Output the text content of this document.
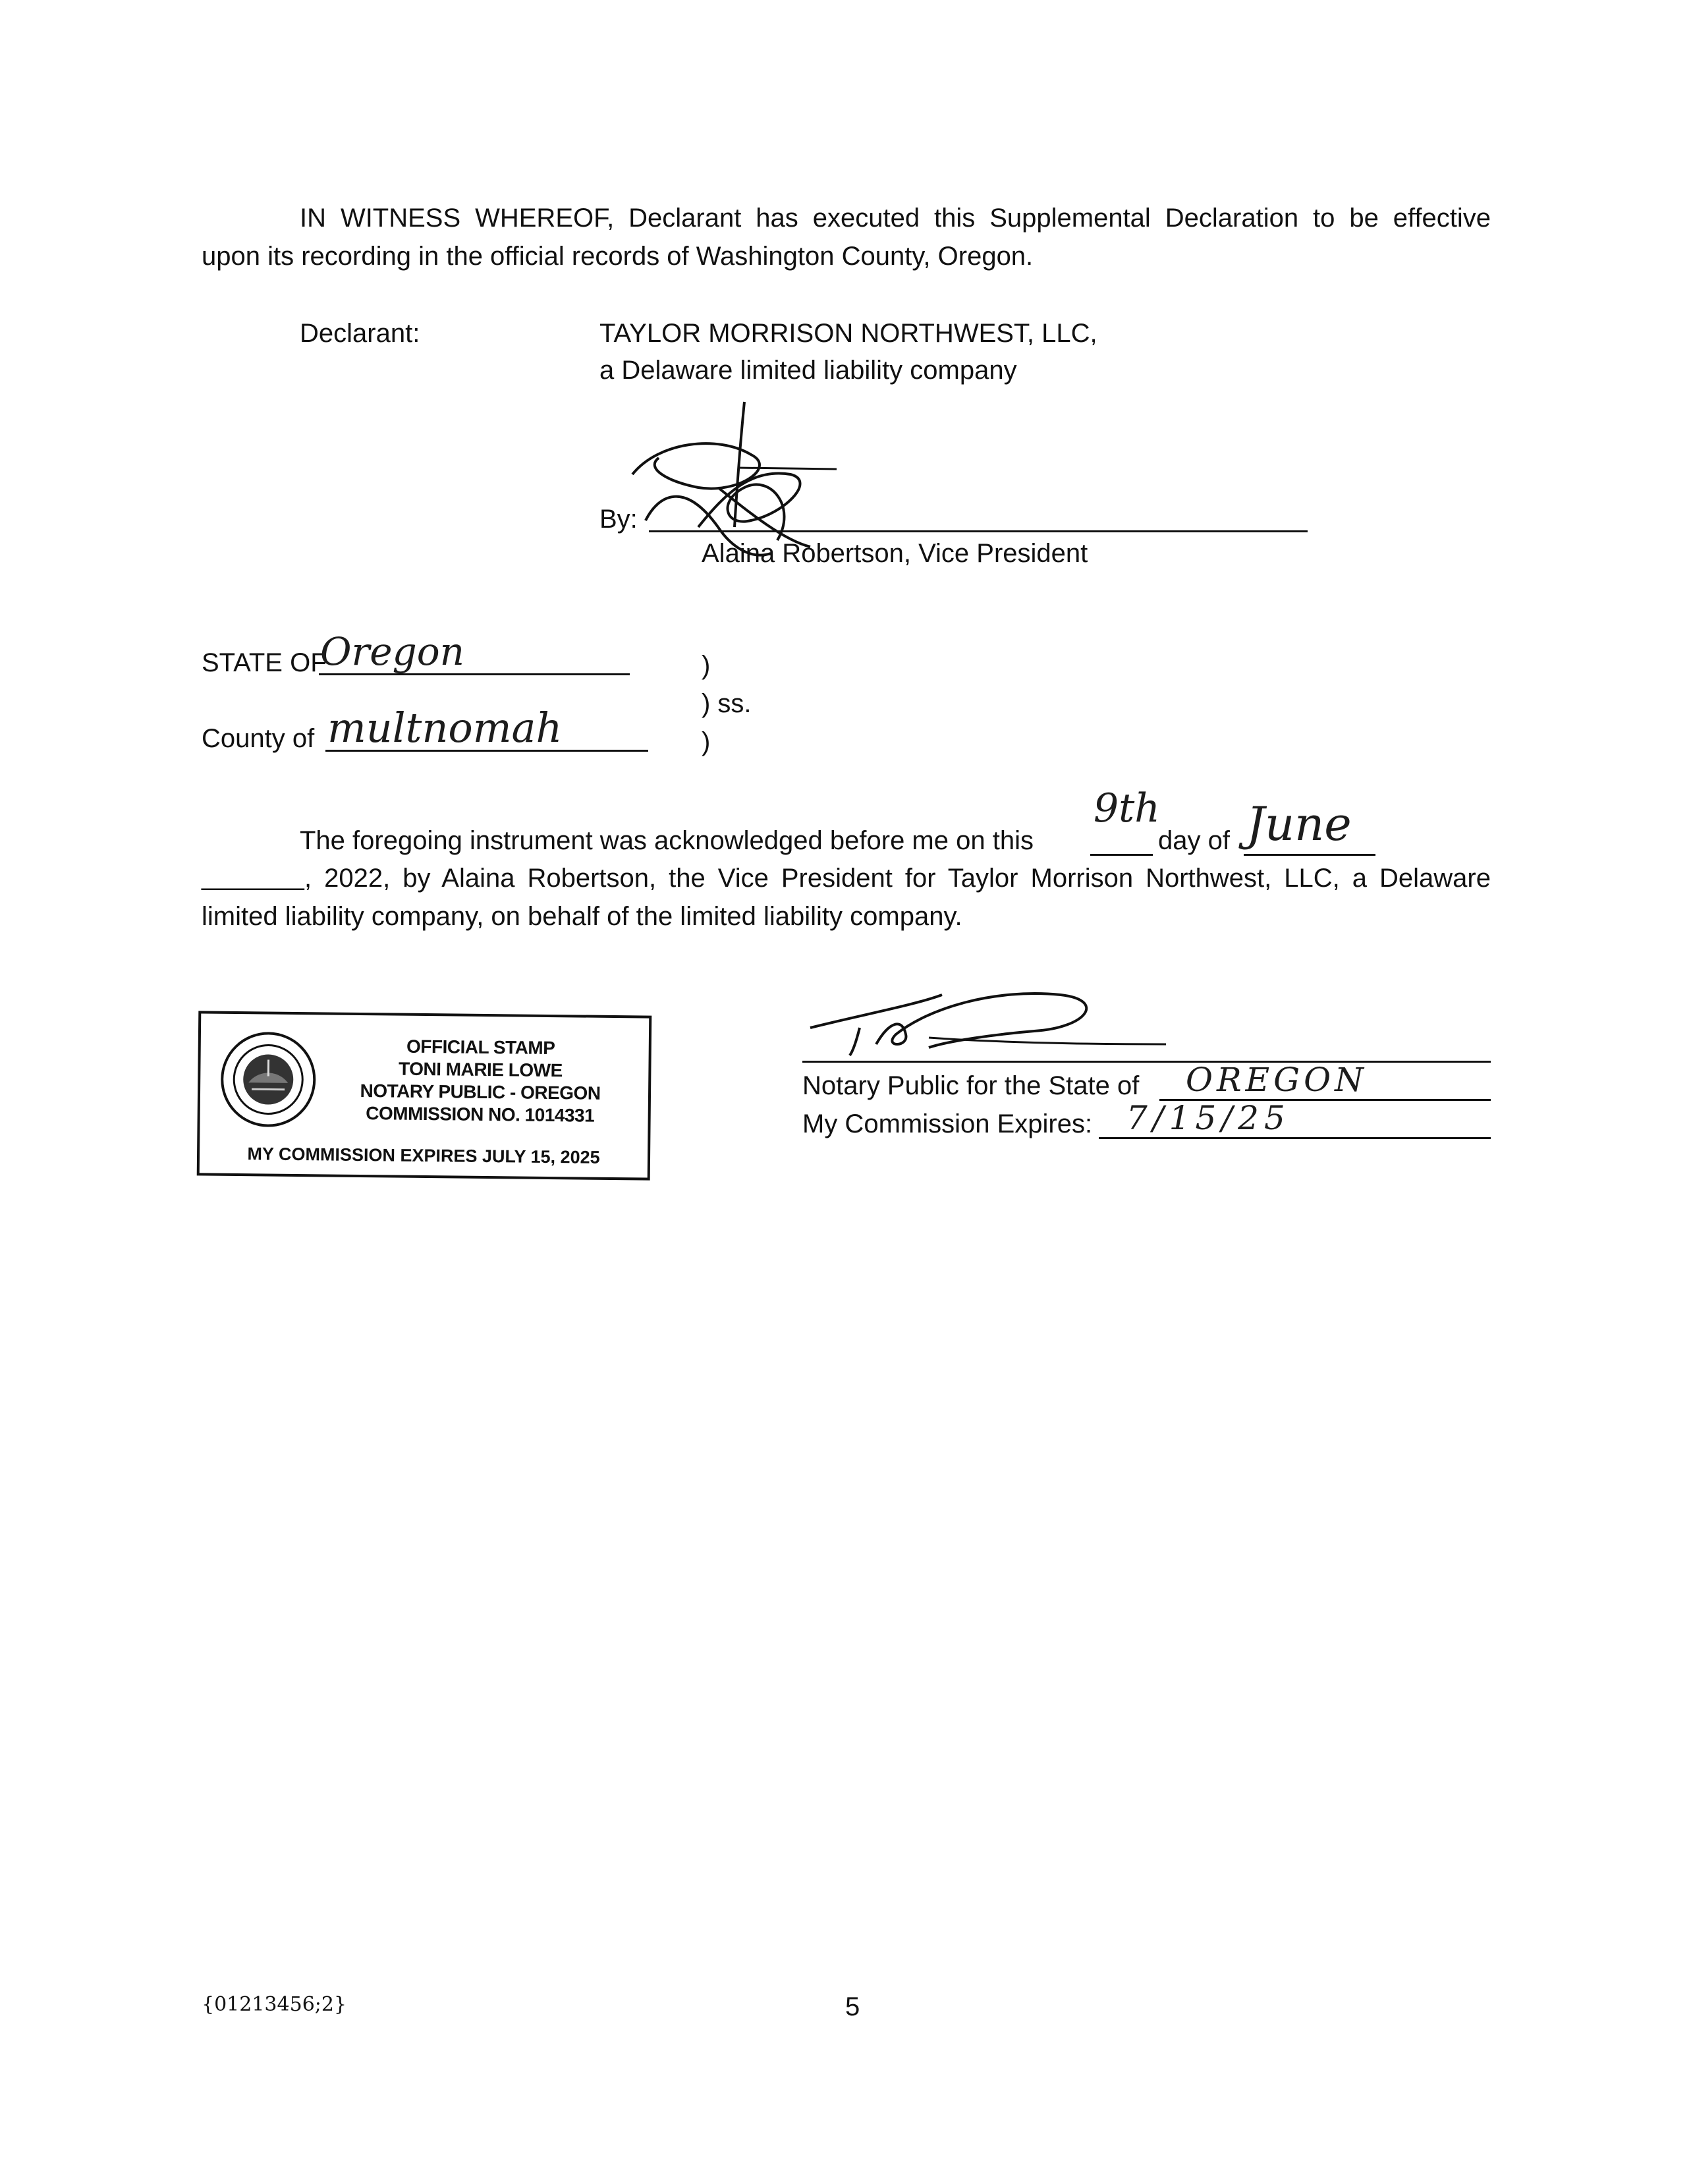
IN WITNESS WHEREOF, Declarant has executed this Supplemental Declaration to be effective
upon its recording in the official records of Washington County, Oregon.
Declarant:	TAYLOR MORRISON NORTHWEST, LLC,
a Delaware limited liability company
By:
Alaina Robertson, Vice President
STATE OF
Oregon	)
) ss.
)
County of multnomah
The foregoing instrument was acknowledged before me on this
9th
day of June
_______ , 2022, by Alaina Robertson, the Vice President for Taylor Morrison Northwest, LLC, a Delaware
limited liability company, on behalf of the limited liability company.
OFFICIAL STAMP
TONI MARIE LOWE
NOTARY PUBLIC - OREGON
COMMISSION NO. 1014331
MY COMMISSION EXPIRES JULY 15, 2025
Notary Public for the State of OREGON
My Commission Expires: 7/15/25
{01213456;2}	5
